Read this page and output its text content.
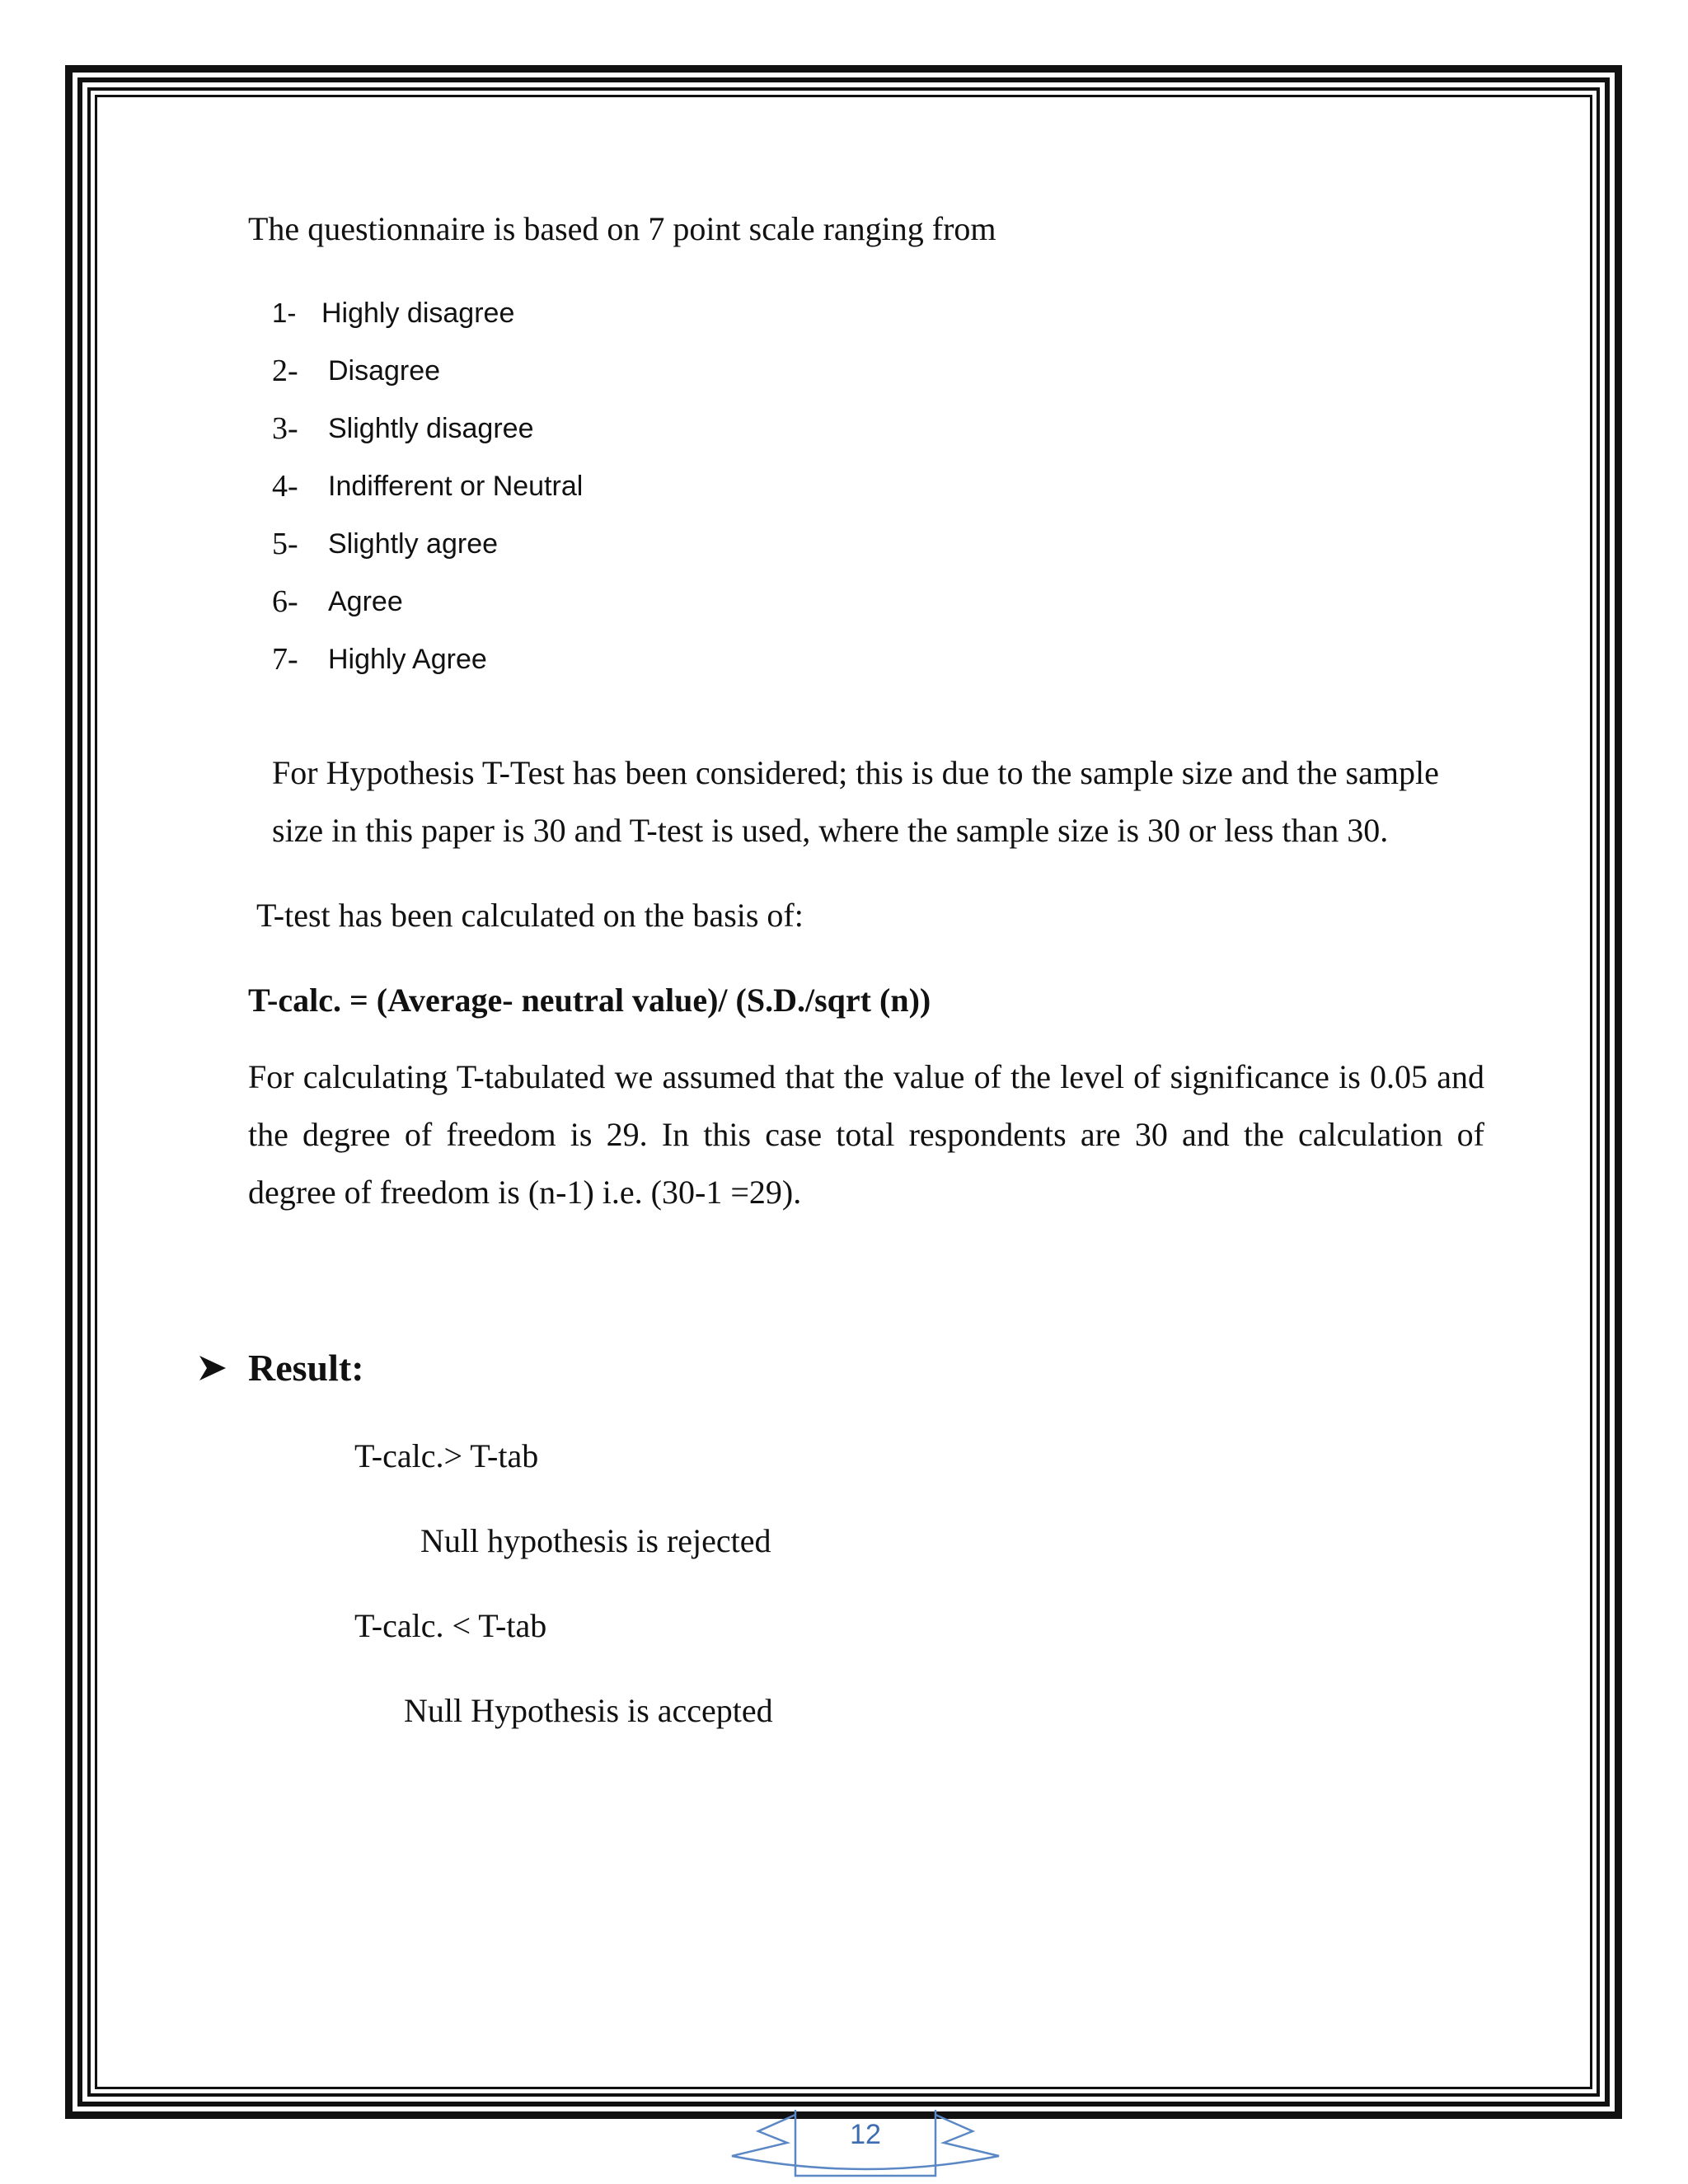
The questionnaire is based on 7 point scale ranging from
1- Highly disagree
2- Disagree
3- Slightly disagree
4- Indifferent or Neutral
5- Slightly agree
6- Agree
7- Highly Agree
For Hypothesis T-Test has been considered; this is due to the sample size and the sample
size in this paper is 30 and T-test is used, where the sample size is 30 or less than 30.
T-test has been calculated on the basis of:
T-calc. = (Average- neutral value)/ (S.D./sqrt (n))
For calculating T-tabulated we assumed that the value of the level of significance is 0.05 and the degree of freedom is 29. In this case total respondents are 30 and the calculation of degree of freedom is (n-1) i.e. (30-1 =29).
Result:
T-calc.> T-tab
Null hypothesis is rejected
T-calc. < T-tab
Null Hypothesis is accepted
12
